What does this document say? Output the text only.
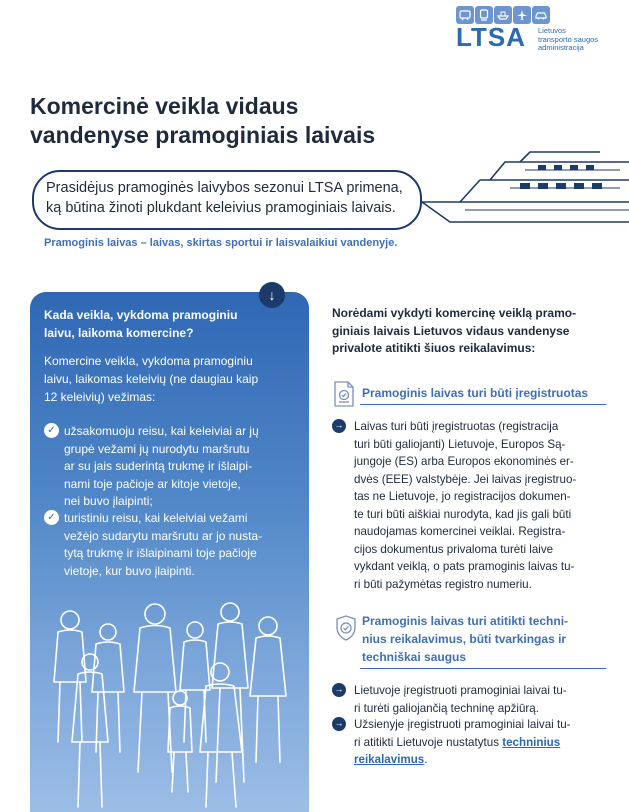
LTSA Lietuvos
transporto saugos
administracija
Komercinė veikla vidaus
vandenyse pramoginiais laivais
Prasidėjus pramoginės laivybos sezonui LTSA primena,
ką būtina žinoti plukdant keleivius pramoginiais laivais.
Pramoginis laivas – laivas, skirtas sportui ir laisvalaikiui vandenyje.
↓
Kada veikla, vykdoma pramoginiu
laivu, laikoma komercine?
Komercine veikla, vykdoma pramoginiu
laivu, laikomas keleivių (ne daugiau kaip
12 keleivių) vežimas:
✓ užsakomuoju reisu, kai keleiviai ar jų
grupė vežami jų nurodytu maršrutu
ar su jais suderintą trukmę ir išlaipi-
nami toje pačioje ar kitoje vietoje,
nei buvo įlaipinti;
✓ turistiniu reisu, kai keleiviai vežami
vežėjo sudarytu maršrutu ar jo nusta-
tytą trukmę ir išlaipinami toje pačioje
vietoje, kur buvo įlaipinti.
Norėdami vykdyti komercinę veiklą pramo-
giniais laivais Lietuvos vidaus vandenyse
privalote atitikti šiuos reikalavimus:
Pramoginis laivas turi būti įregistruotas
→ Laivas turi būti įregistruotas (registracija
turi būti galiojanti) Lietuvoje, Europos Są-
jungoje (ES) arba Europos ekonominės er-
dvės (EEE) valstybėje. Jei laivas įregistruo-
tas ne Lietuvoje, jo registracijos dokumen-
te turi būti aiškiai nurodyta, kad jis gali būti
naudojamas komercinei veiklai. Registra-
cijos dokumentus privaloma turėti laive
vykdant veiklą, o pats pramoginis laivas tu-
ri būti pažymėtas registro numeriu.
Pramoginis laivas turi atitikti techni-
nius reikalavimus, būti tvarkingas ir
techniškai saugus
→ Lietuvoje įregistruoti pramoginiai laivai tu-
ri turėti galiojančią techninę apžiūrą.
→ Užsienyje įregistruoti pramoginiai laivai tu-
ri atitikti Lietuvoje nustatytus techninius
reikalavimus.
